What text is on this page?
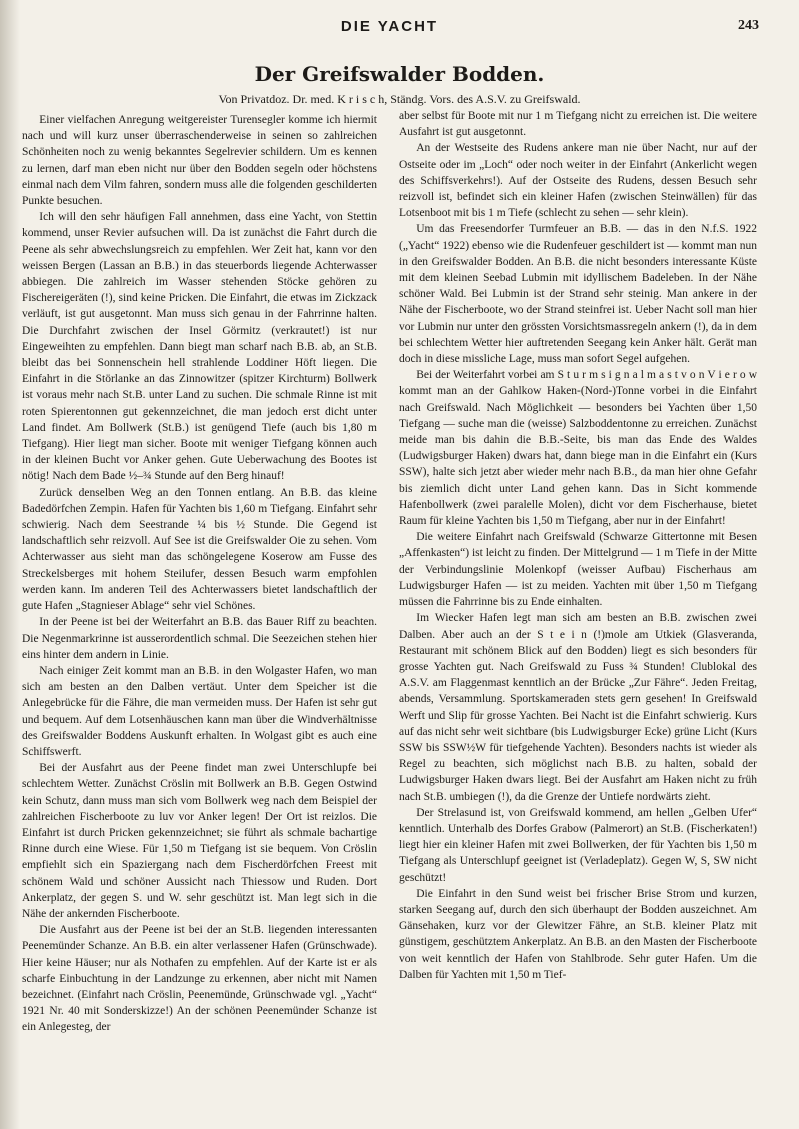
DIE YACHT	243
Der Greifswalder Bodden.
Von Privatdoz. Dr. med. K r i s c h, Ständg. Vors. des A.S.V. zu Greifswald.

Einer vielfachen Anregung weitgereister Turensegler komme ich hiermit nach und will kurz unser überraschenderweise in seinen so zahlreichen Schönheiten noch zu wenig bekanntes Segelrevier schildern. Um es kennen zu lernen, darf man eben nicht nur über den Bodden segeln oder höchstens einmal nach dem Vilm fahren, sondern muss alle die folgenden geschilderten Punkte besuchen.

Ich will den sehr häufigen Fall annehmen, dass eine Yacht, von Stettin kommend, unser Revier aufsuchen will. Da ist zunächst die Fahrt durch die Peene als sehr abwechslungsreich zu empfehlen. Wer Zeit hat, kann vor den weissen Bergen (Lassan an B.B.) in das steuerbords liegende Achterwasser abbiegen. Die zahlreich im Wasser stehenden Stöcke gehören zu Fischereigeräten (!), sind keine Pricken. Die Einfahrt, die etwas im Zickzack verläuft, ist gut ausgetonnt. Man muss sich genau in der Fahrrinne halten. Die Durchfahrt zwischen der Insel Görmitz (verkrautet!) ist nur Eingeweihten zu empfehlen. Dann biegt man scharf nach B.B. ab, an St.B. bleibt das bei Sonnenschein hell strahlende Loddiner Höft liegen. Die Einfahrt in die Störlanke an das Zinnowitzer (spitzer Kirchturm) Bollwerk ist voraus mehr nach St.B. unter Land zu suchen. Die schmale Rinne ist mit roten Spierentonnen gut gekennzeichnet, die man jedoch erst dicht unter Land findet. Am Bollwerk (St.B.) ist genügend Tiefe (auch bis 1,80 m Tiefgang). Hier liegt man sicher. Boote mit weniger Tiefgang können auch in der kleinen Bucht vor Anker gehen. Gute Ueberwachung des Bootes ist nötig! Nach dem Bade ½–¾ Stunde auf den Berg hinauf!

Zurück denselben Weg an den Tonnen entlang. An B.B. das kleine Badedörfchen Zempin. Hafen für Yachten bis 1,60 m Tiefgang. Einfahrt sehr schwierig. Nach dem Seestrande ¼ bis ½ Stunde. Die Gegend ist landschaftlich sehr reizvoll. Auf See ist die Greifswalder Oie zu sehen. Vom Achterwasser aus sieht man das schöngelegene Koserow am Fusse des Streckelsberges mit hohem Steilufer, dessen Besuch warm empfohlen werden kann. Im anderen Teil des Achterwassers bietet landschaftlich der gute Hafen „Stagnieser Ablage“ sehr viel Schönes.

In der Peene ist bei der Weiterfahrt an B.B. das Bauer Riff zu beachten. Die Negenmarkrinne ist ausserordentlich schmal. Die Seezeichen stehen hier eins hinter dem andern in Linie.

Nach einiger Zeit kommt man an B.B. in den Wolgaster Hafen, wo man sich am besten an den Dalben vertäut. Unter dem Speicher ist die Anlegebrücke für die Fähre, die man vermeiden muss. Der Hafen ist sehr gut und bequem. Auf dem Lotsenhäuschen kann man über die Windverhältnisse des Greifswalder Boddens Auskunft erhalten. In Wolgast gibt es auch eine Schiffswerft.

Bei der Ausfahrt aus der Peene findet man zwei Unterschlupfe bei schlechtem Wetter. Zunächst Cröslin mit Bollwerk an B.B. Gegen Ostwind kein Schutz, dann muss man sich vom Bollwerk weg nach dem Beispiel der zahlreichen Fischerboote zu luv vor Anker legen! Der Ort ist reizlos. Die Einfahrt ist durch Pricken gekennzeichnet; sie führt als schmale bachartige Rinne durch eine Wiese. Für 1,50 m Tiefgang ist sie bequem. Von Cröslin empfiehlt sich ein Spaziergang nach dem Fischerdörfchen Freest mit schönem Wald und schöner Aussicht nach Thiessow und Ruden. Dort Ankerplatz, der gegen S. und W. sehr geschützt ist. Man legt sich in die Nähe der ankernden Fischerboote.

Die Ausfahrt aus der Peene ist bei der an St.B. liegenden interessanten Peenemünder Schanze. An B.B. ein alter verlassener Hafen (Grünschwade). Hier keine Häuser; nur als Nothafen zu empfehlen. Auf der Karte ist er als scharfe Einbuchtung in der Landzunge zu erkennen, aber nicht mit Namen bezeichnet. (Einfahrt nach Cröslin, Peenemünde, Grünschwade vgl. „Yacht“ 1921 Nr. 40 mit Sonderskizze!) An der schönen Peenemünder Schanze ist ein Anlegesteg, der

aber selbst für Boote mit nur 1 m Tiefgang nicht zu erreichen ist. Die weitere Ausfahrt ist gut ausgetonnt.

An der Westseite des Rudens ankere man nie über Nacht, nur auf der Ostseite oder im „Loch“ oder noch weiter in der Einfahrt (Ankerlicht wegen des Schiffsverkehrs!). Auf der Ostseite des Rudens, dessen Besuch sehr reizvoll ist, befindet sich ein kleiner Hafen (zwischen Steinwällen) für das Lotsenboot mit bis 1 m Tiefe (schlecht zu sehen — sehr klein).

Um das Freesendorfer Turmfeuer an B.B. — das in den N.f.S. 1922 („Yacht“ 1922) ebenso wie die Rudenfeuer geschildert ist — kommt man nun in den Greifswalder Bodden. An B.B. die nicht besonders interessante Küste mit dem kleinen Seebad Lubmin mit idyllischem Badeleben. In der Nähe schöner Wald. Bei Lubmin ist der Strand sehr steinig. Man ankere in der Nähe der Fischerboote, wo der Strand steinfrei ist. Ueber Nacht soll man hier vor Lubmin nur unter den grössten Vorsichtsmassregeln ankern (!), da in dem bei schlechtem Wetter hier auftretenden Seegang kein Anker hält. Gerät man doch in diese missliche Lage, muss man sofort Segel aufgehen.

Bei der Weiterfahrt vorbei am S t u r m s i g n a l m a s t v o n V i e r o w kommt man an der Gahlkow Haken-(Nord-)Tonne vorbei in die Einfahrt nach Greifswald. Nach Möglichkeit — besonders bei Yachten über 1,50 Tiefgang — suche man die (weisse) Salzboddentonne zu erreichen. Zunächst meide man bis dahin die B.B.-Seite, bis man das Ende des Waldes (Ludwigsburger Haken) dwars hat, dann biege man in die Einfahrt ein (Kurs SSW), halte sich jetzt aber wieder mehr nach B.B., da man hier ohne Gefahr bis ziemlich dicht unter Land gehen kann. Das in Sicht kommende Hafenbollwerk (zwei paralelle Molen), dicht vor dem Fischerhause, bietet Raum für kleine Yachten bis 1,50 m Tiefgang, aber nur in der Einfahrt!

Die weitere Einfahrt nach Greifswald (Schwarze Gittertonne mit Besen „Affenkasten“) ist leicht zu finden. Der Mittelgrund — 1 m Tiefe in der Mitte der Verbindungslinie Molenkopf (weisser Aufbau) Fischerhaus am Ludwigsburger Hafen — ist zu meiden. Yachten mit über 1,50 m Tiefgang müssen die Fahrrinne bis zu Ende einhalten.

Im Wiecker Hafen legt man sich am besten an B.B. zwischen zwei Dalben. Aber auch an der S t e i n (!)mole am Utkiek (Glasveranda, Restaurant mit schönem Blick auf den Bodden) liegt es sich besonders für grosse Yachten gut. Nach Greifswald zu Fuss ¾ Stunden! Clublokal des A.S.V. am Flaggenmast kenntlich an der Brücke „Zur Fähre“. Jeden Freitag, abends, Versammlung. Sportskameraden stets gern gesehen! In Greifswald Werft und Slip für grosse Yachten. Bei Nacht ist die Einfahrt schwierig. Kurs auf das nicht sehr weit sichtbare (bis Ludwigsburger Ecke) grüne Licht (Kurs SSW bis SSW½W für tiefgehende Yachten). Besonders nachts ist wieder als Regel zu beachten, sich möglichst nach B.B. zu halten, sobald der Ludwigsburger Haken dwars liegt. Bei der Ausfahrt am Haken nicht zu früh nach St.B. umbiegen (!), da die Grenze der Untiefe nordwärts zieht.

Der Strelasund ist, von Greifswald kommend, am hellen „Gelben Ufer“ kenntlich. Unterhalb des Dorfes Grabow (Palmerort) an St.B. (Fischerkaten!) liegt hier ein kleiner Hafen mit zwei Bollwerken, der für Yachten bis 1,50 m Tiefgang als Unterschlupf geeignet ist (Verladeplatz). Gegen W, S, SW nicht geschützt!

Die Einfahrt in den Sund weist bei frischer Brise Strom und kurzen, starken Seegang auf, durch den sich überhaupt der Bodden auszeichnet. Am Gänsehaken, kurz vor der Glewitzer Fähre, an St.B. kleiner Platz mit günstigem, geschütztem Ankerplatz. An B.B. an den Masten der Fischerboote von weit kenntlich der Hafen von Stahlbrode. Sehr guter Hafen. Um die Dalben für Yachten mit 1,50 m Tief-
